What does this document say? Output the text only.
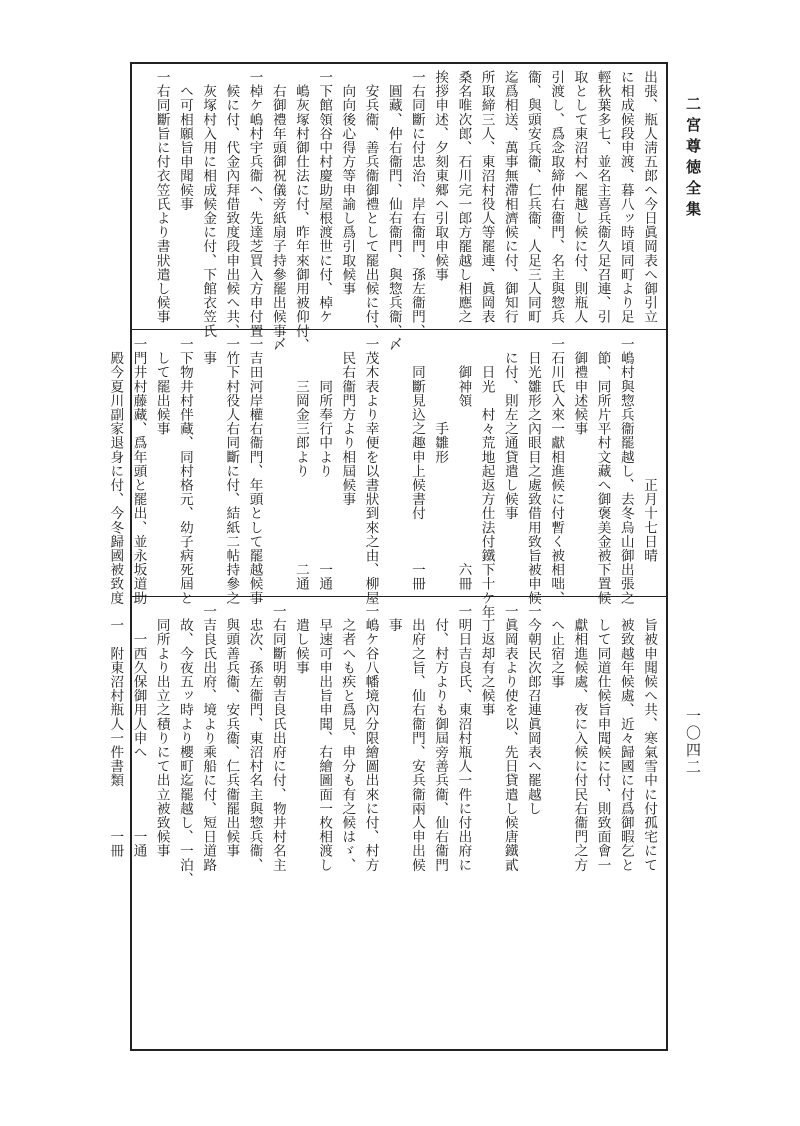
二宮尊徳全集
一〇四二
出張、瓶人淸五郎へ今日眞岡表へ御引立
に相成候段申渡、暮八ッ時頃同町より足
輕秋葉多七、並名主喜兵衞久足召連、引
取として東沼村へ罷越し候に付、則瓶人
引渡し、爲念取締仲右衞門、名主與惣兵
衞、與頭安兵衞、仁兵衞、人足三人同町
迄爲相送、萬事無滯相濟候に付、御知行
所取締三人、東沼村役人等罷連、眞岡表
桑名唯次郎、石川完一郎方罷越し相應之
挨拶申述、夕刻東郷へ引取申候事
一右同斷に付忠治、岸右衞門、孫左衞門、
　圓藏、仲右衞門、仙右衞門、與惣兵衞、
　安兵衞、善兵衞御禮として罷出候に付、
　向向後心得方等申諭し爲引取候事
一下館領谷中村慶助屋根渡世に付、棹ケ
　嶋灰塚村御仕法に付、昨年來御用被仰付、
　右御禮年頭御祝儀旁紙扇子持參罷出候事
一棹ケ嶋村宇兵衞へ、先達芝買入方申付置
　候に付、代金內拜借致度段申出候へ共、
　灰塚村入用に相成候金に付、下館衣笠氏
　へ可相願旨申聞候事
一右同斷旨に付衣笠氏より書狀遣し候事
　　　　　　　　　　正月十七日晴
一嶋村與惣兵衞罷越し、去冬烏山御出張之
　節、同所片平村文藏へ御褒美金被下置候
　御禮申述候事
一石川氏入來一獻相進候に付暫く被相咄、
　日光雛形之內眼目之處致借用致旨被申候
　に付、則左之通貸遣し候事
　　日光　村々荒地起返方仕法付鐵下十ケ年
　　御神領　　　　　　　　　　　六冊
　　　　　　手雛形
　　同斷見込之趣申上候書付　　　一冊
〆
一茂木表より幸便を以書狀到來之由、柳屋
　民右衞門方より相屆候事
　　　同所奉行中より　　　　　　一通
　　　三岡金三郎より　　　　　　二通
〆
一吉田河岸權右衞門、年頭として罷越候事
一竹下村役人右同斷に付、結紙二帖持參之
　事
一下物井村伴藏、同村格元、幼子病死屆と
　して罷出候事
一門井村藤藏、爲年頭と罷出、並永坂道助
　殿今夏川副家退身に付、今冬歸國被致度
　旨被申聞候へ共、寒氣雪中に付孤宅にて
　被致越年候處、近々歸國に付爲御暇乞と
　して同道仕候旨申聞候に付、則致面會一
　獻相進候處、夜に入候に付民右衞門之方
　へ止宿之事
一今朝民次郎召連眞岡表へ罷越し
一眞岡表より使を以、先日貸遣し候唐鐵貳
　丁返却有之候事
一明日吉良氏、東沼村瓶人一件に付出府に
　付、村方よりも御屆旁善兵衞、仙右衞門
　出府之旨、仙右衞門、安兵衞兩人申出候
　事
一嶋ケ谷八幡境內分限繪圖出來に付、村方
　之者へも疾と爲見、申分も有之候はゞ、
　早速可申出旨申聞、右繪圖面一枚相渡し
　遣し候事
一右同斷明朝吉良氏出府に付、物井村名主
　忠次、孫左衞門、東沼村名主與惣兵衞、
　與頭善兵衞、安兵衞、仁兵衞罷出候事
一吉良氏出府、境より乘船に付、短日道路
　故、今夜五ッ時より櫻町迄罷越し、一泊、
　同所より出立之積りにて出立被致候事
　　一西久保御用人申へ　　　　　一通
　一　附東沼村瓶人一件書類　　　一冊
